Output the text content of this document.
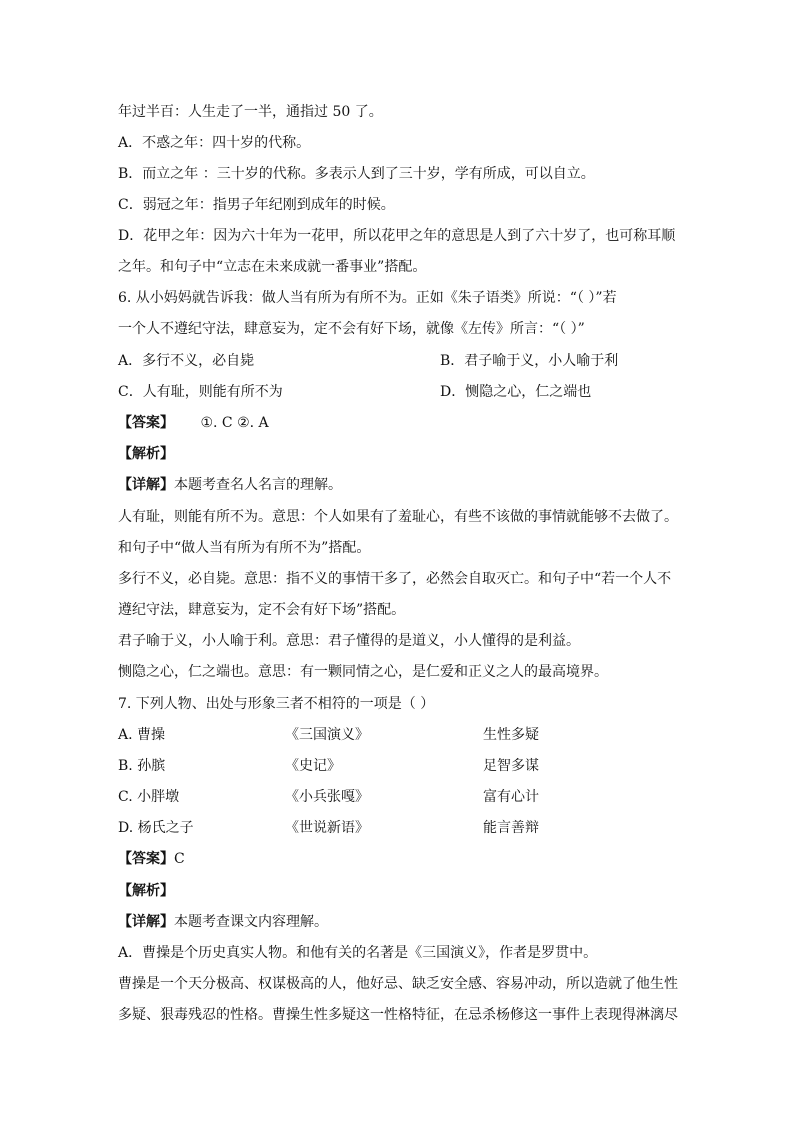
年过半百：人生走了一半，通指过 50 了。
A．不惑之年：四十岁的代称。
B．而立之年 ：三十岁的代称。多表示人到了三十岁，学有所成，可以自立。
C．弱冠之年：指男子年纪刚到成年的时候。
D．花甲之年：因为六十年为一花甲，所以花甲之年的意思是人到了六十岁了，也可称耳顺
之年。和句子中“立志在未来成就一番事业”搭配。
6. 从小妈妈就告诉我：做人当有所为有所不为。正如《朱子语类》所说：“（ ）”若
一个人不遵纪守法，肆意妄为，定不会有好下场，就像《左传》所言：“（ ）”
A．多行不义，必自毙	B．君子喻于义，小人喻于利
C．人有耻，则能有所不为	D．恻隐之心，仁之端也
【答案】 ①. C ②. A
【解析】
【详解】本题考查名人名言的理解。
人有耻，则能有所不为。意思：个人如果有了羞耻心，有些不该做的事情就能够不去做了。
和句子中“做人当有所为有所不为”搭配。
多行不义，必自毙。意思：指不义的事情干多了，必然会自取灭亡。和句子中“若一个人不
遵纪守法，肆意妄为，定不会有好下场”搭配。
君子喻于义，小人喻于利。意思：君子懂得的是道义，小人懂得的是利益。
恻隐之心，仁之端也。意思：有一颗同情之心，是仁爱和正义之人的最高境界。
7. 下列人物、出处与形象三者不相符的一项是（ ）
A. 曹操	《三国演义》	生性多疑
B. 孙膑	《史记》	足智多谋
C. 小胖墩	《小兵张嘎》	富有心计
D. 杨氏之子	《世说新语》	能言善辩
【答案】C
【解析】
【详解】本题考查课文内容理解。
A．曹操是个历史真实人物。和他有关的名著是《三国演义》，作者是罗贯中。
曹操是一个天分极高、权谋极高的人，他好忌、缺乏安全感、容易冲动，所以造就了他生性
多疑、狠毒残忍的性格。曹操生性多疑这一性格特征，在忌杀杨修这一事件上表现得淋漓尽
